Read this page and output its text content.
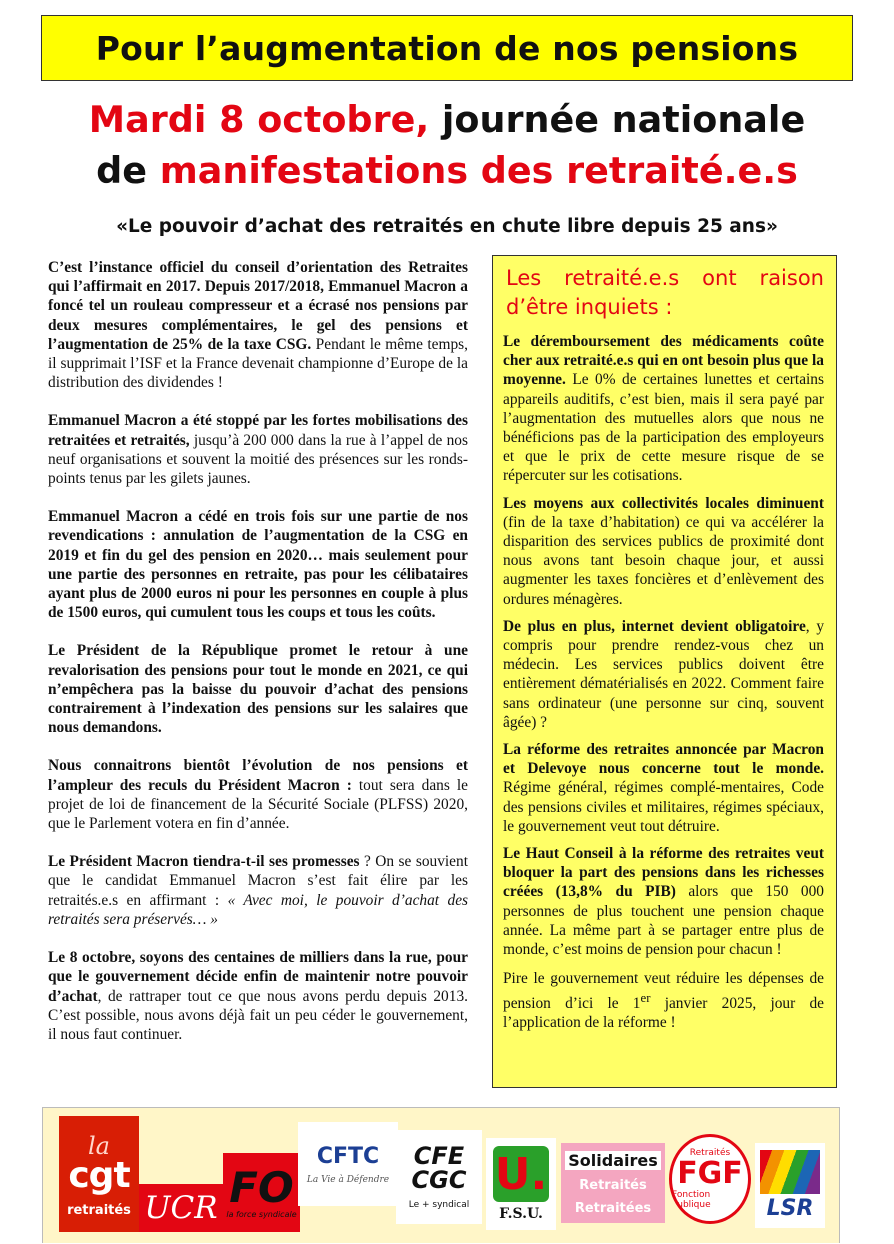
Pour l’augmentation de nos pensions
Mardi 8 octobre, journée nationale
de manifestations des retraité.e.s
«Le pouvoir d’achat des retraités en chute libre depuis 25 ans»

C’est l’instance officiel du conseil d’orientation des Retraites qui l’affirmait en 2017. Depuis 2017/2018, Emmanuel Macron a foncé tel un rouleau compresseur et a écrasé nos pensions par deux mesures complémentaires, le gel des pensions et l’augmentation de 25% de la taxe CSG. Pendant le même temps, il supprimait l’ISF et la France devenait championne d’Europe de la distribution des dividendes !

Emmanuel Macron a été stoppé par les fortes mobilisations des retraitées et retraités, jusqu’à 200 000 dans la rue à l’appel de nos neuf organisations et souvent la moitié des présences sur les ronds-points tenus par les gilets jaunes.

Emmanuel Macron a cédé en trois fois sur une partie de nos revendications : annulation de l’augmentation de la CSG en 2019 et fin du gel des pension en 2020… mais seulement pour une partie des personnes en retraite, pas pour les célibataires ayant plus de 2000 euros ni pour les personnes en couple à plus de 1500 euros, qui cumulent tous les coups et tous les coûts.

Le Président de la République promet le retour à une revalorisation des pensions pour tout le monde en 2021, ce qui n’empêchera pas la baisse du pouvoir d’achat des pensions contrairement à l’indexation des pensions sur les salaires que nous demandons.

Nous connaitrons bientôt l’évolution de nos pensions et l’ampleur des reculs du Président Macron : tout sera dans le projet de loi de financement de la Sécurité Sociale (PLFSS) 2020, que le Parlement votera en fin d’année.

Le Président Macron tiendra-t-il ses promesses ? On se souvient que le candidat Emmanuel Macron s’est fait élire par les retraités.e.s en affirmant : « Avec moi, le pouvoir d’achat des retraités sera préservés… »

Le 8 octobre, soyons des centaines de milliers dans la rue, pour que le gouvernement décide enfin de maintenir notre pouvoir d’achat, de rattraper tout ce que nous avons perdu depuis 2013. C’est possible, nous avons déjà fait un peu céder le gouvernement, il nous faut continuer.

Les retraité.e.s ont raison d’être inquiets :

Le déremboursement des médicaments coûte cher aux retraité.e.s qui en ont besoin plus que la moyenne. Le 0% de certaines lunettes et certains appareils auditifs, c’est bien, mais il sera payé par l’augmentation des mutuelles alors que nous ne bénéficions pas de la participation des employeurs et que le prix de cette mesure risque de se répercuter sur les cotisations.

Les moyens aux collectivités locales diminuent (fin de la taxe d’habitation) ce qui va accélérer la disparition des services publics de proximité dont nous avons tant besoin chaque jour, et aussi augmenter les taxes foncières et d’enlèvement des ordures ménagères.

De plus en plus, internet devient obligatoire, y compris pour prendre rendez-vous chez un médecin. Les services publics doivent être entièrement dématérialisés en 2022. Comment faire sans ordinateur (une personne sur cinq, souvent âgée) ?

La réforme des retraites annoncée par Macron et Delevoye nous concerne tout le monde. Régime général, régimes complé-mentaires, Code des pensions civiles et militaires, régimes spéciaux, le gouvernement veut tout détruire.

Le Haut Conseil à la réforme des retraites veut bloquer la part des pensions dans les richesses créées (13,8% du PIB) alors que 150 000 personnes de plus touchent une pension chaque année. La même part à se partager entre plus de monde, c’est moins de pension pour chacun !

Pire le gouvernement veut réduire les dépenses de pension d’ici le 1er janvier 2025, jour de l’application de la réforme !

la
cgt
retraités UCR FO
la force syndicale
CFTC
La Vie à Défendre
CFE
CGC
Le + syndical
U.
F.S.U.
Solidaires
Retraités
Retraitées
Retraités
FGF
Fonction Publique	LSR
